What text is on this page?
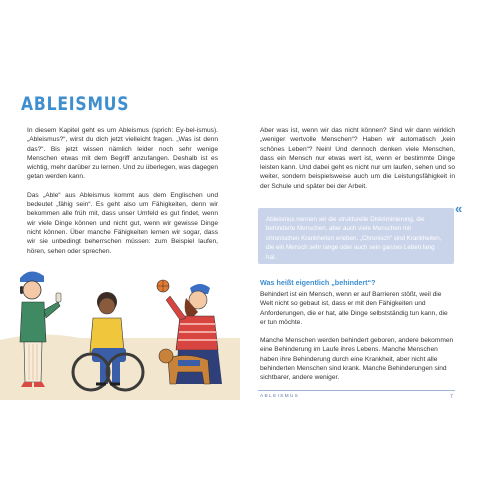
ABLEISMUS

In diesem Kapitel geht es um Ableismus (sprich: Ey-bel-ismus). „Ableismus?“, wirst du dich jetzt vielleicht fragen. „Was ist denn das?“. Bis jetzt wissen nämlich leider noch sehr wenige Menschen etwas mit dem Begriff anzufangen. Deshalb ist es wichtig, mehr darüber zu lernen. Und zu überlegen, was dagegen getan werden kann.

Das „Able“ aus Ableismus kommt aus dem Englischen und bedeutet „fähig sein“. Es geht also um Fähigkeiten, denn wir bekommen alle früh mit, dass unser Umfeld es gut findet, wenn wir viele Dinge können und nicht gut, wenn wir gewisse Dinge nicht können. Über manche Fähigkeiten lernen wir sogar, dass wir sie unbedingt beherrschen müssen: zum Beispiel laufen, hören, sehen oder sprechen.

Aber was ist, wenn wir das nicht können? Sind wir dann wirklich „weniger wertvolle Menschen“? Haben wir automatisch „kein schönes Leben“? Nein! Und dennoch denken viele Menschen, dass ein Mensch nur etwas wert ist, wenn er bestimmte Dinge leisten kann. Und dabei geht es nicht nur um laufen, sehen und so weiter, sondern beispielsweise auch um die Leistungsfähigkeit in der Schule und später bei der Arbeit.

«
Ableismus nennen wir die strukturelle Diskriminierung, die behinderte Menschen, aber auch viele Menschen mit chronischen Krankheiten erleben. „Chronisch“ sind Krankheiten, die ein Mensch sehr lange oder auch sein ganzes Leben lang hat.
Was heißt eigentlich „behindert“?

Behindert ist ein Mensch, wenn er auf Barrieren stößt, weil die Welt nicht so gebaut ist, dass er mit den Fähigkeiten und Anforderungen, die er hat, alle Dinge selbstständig tun kann, die er tun möchte.

Manche Menschen werden behindert geboren, andere bekommen eine Behinderung im Laufe ihres Lebens. Manche Menschen haben ihre Behinderung durch eine Krankheit, aber nicht alle behinderten Menschen sind krank. Manche Behinderungen sind sichtbarer, andere weniger.

ABLEISMUS	7
